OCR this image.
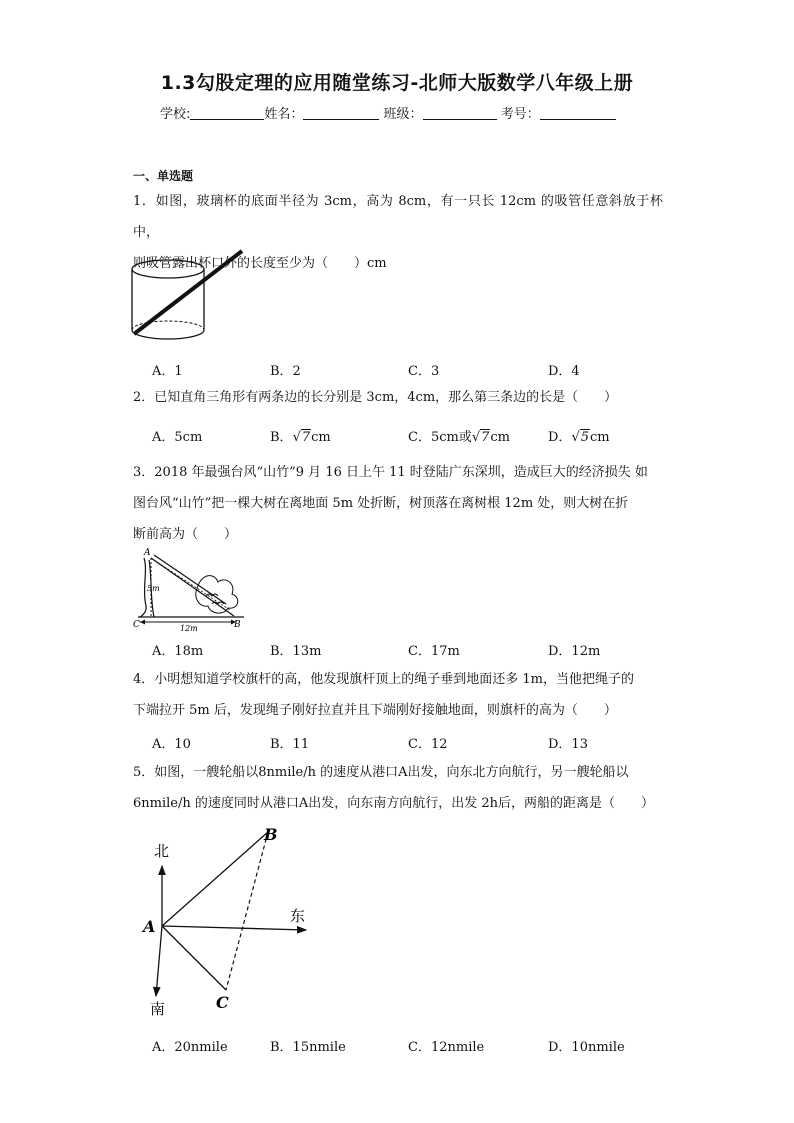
1.3勾股定理的应用随堂练习-北师大版数学八年级上册
学校:	姓名：	班级：	考号：
一、单选题
1．如图，玻璃杯的底面半径为 3cm，高为 8cm，有一只长 12cm 的吸管任意斜放于杯中，
则吸管露出杯口外的长度至少为（　　）cm
A．1	B．2	C．3	D．4
2．已知直角三角形有两条边的长分别是 3cm，4cm，那么第三条边的长是（　　）
A．5cm	B．√7cm	C．5cm或√7cm	D．√5cm
3．2018 年最强台风“山竹”9 月 16 日上午 11 时登陆广东深圳，造成巨大的经济损失 如
图台风“山竹”把一棵大树在离地面 5m 处折断，树顶落在离树根 12m 处，则大树在折
断前高为（　　）
A
B
C
5m
12m
A．18m	B．13m	C．17m	D．12m
4．小明想知道学校旗杆的高，他发现旗杆顶上的绳子垂到地面还多 1m，当他把绳子的
下端拉开 5m 后，发现绳子刚好拉直并且下端刚好接触地面，则旗杆的高为（　　）
A．10	B．11	C．12	D．13
5．如图，一艘轮船以8nmile/h 的速度从港口A出发，向东北方向航行，另一艘轮船以
6nmile/h 的速度同时从港口A出发，向东南方向航行，出发 2h后，两船的距离是（　　）
北
南
东
A
B
C
A．20nmile	B．15nmile	C．12nmile	D．10nmile
